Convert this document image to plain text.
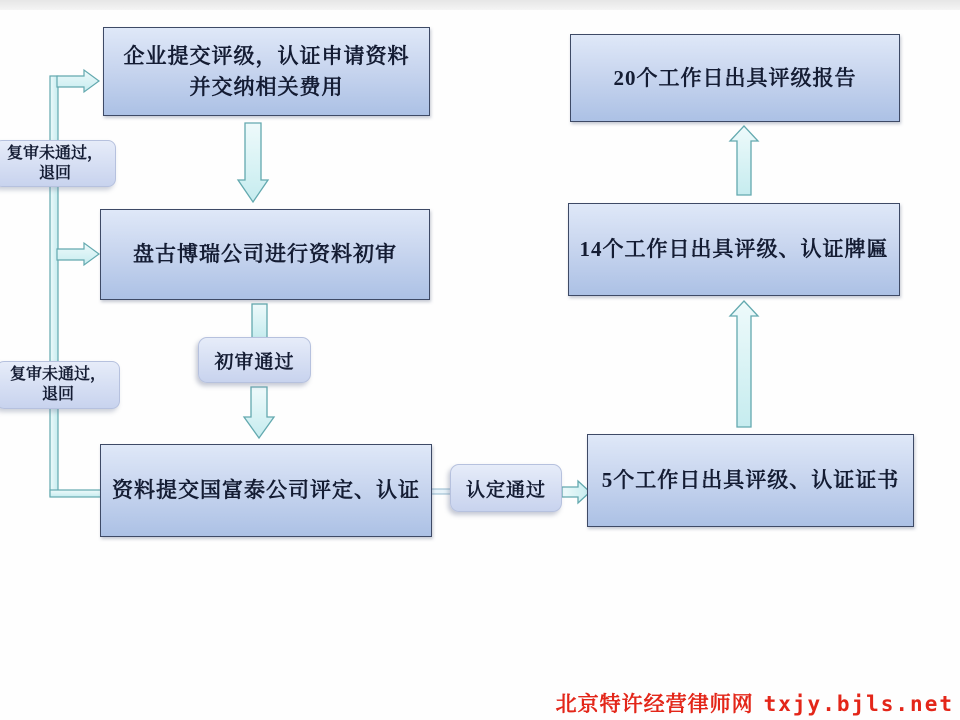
企业提交评级，认证申请资料并交纳相关费用
盘古博瑞公司进行资料初审
初审通过
资料提交国富泰公司评定、认证	认定通过
20个工作日出具评级报告
14个工作日出具评级、认证牌匾
5个工作日出具评级、认证证书
复审未通过，
退回
复审未通过，
退回
北京特许经营律师网 txjy.bjls.net
